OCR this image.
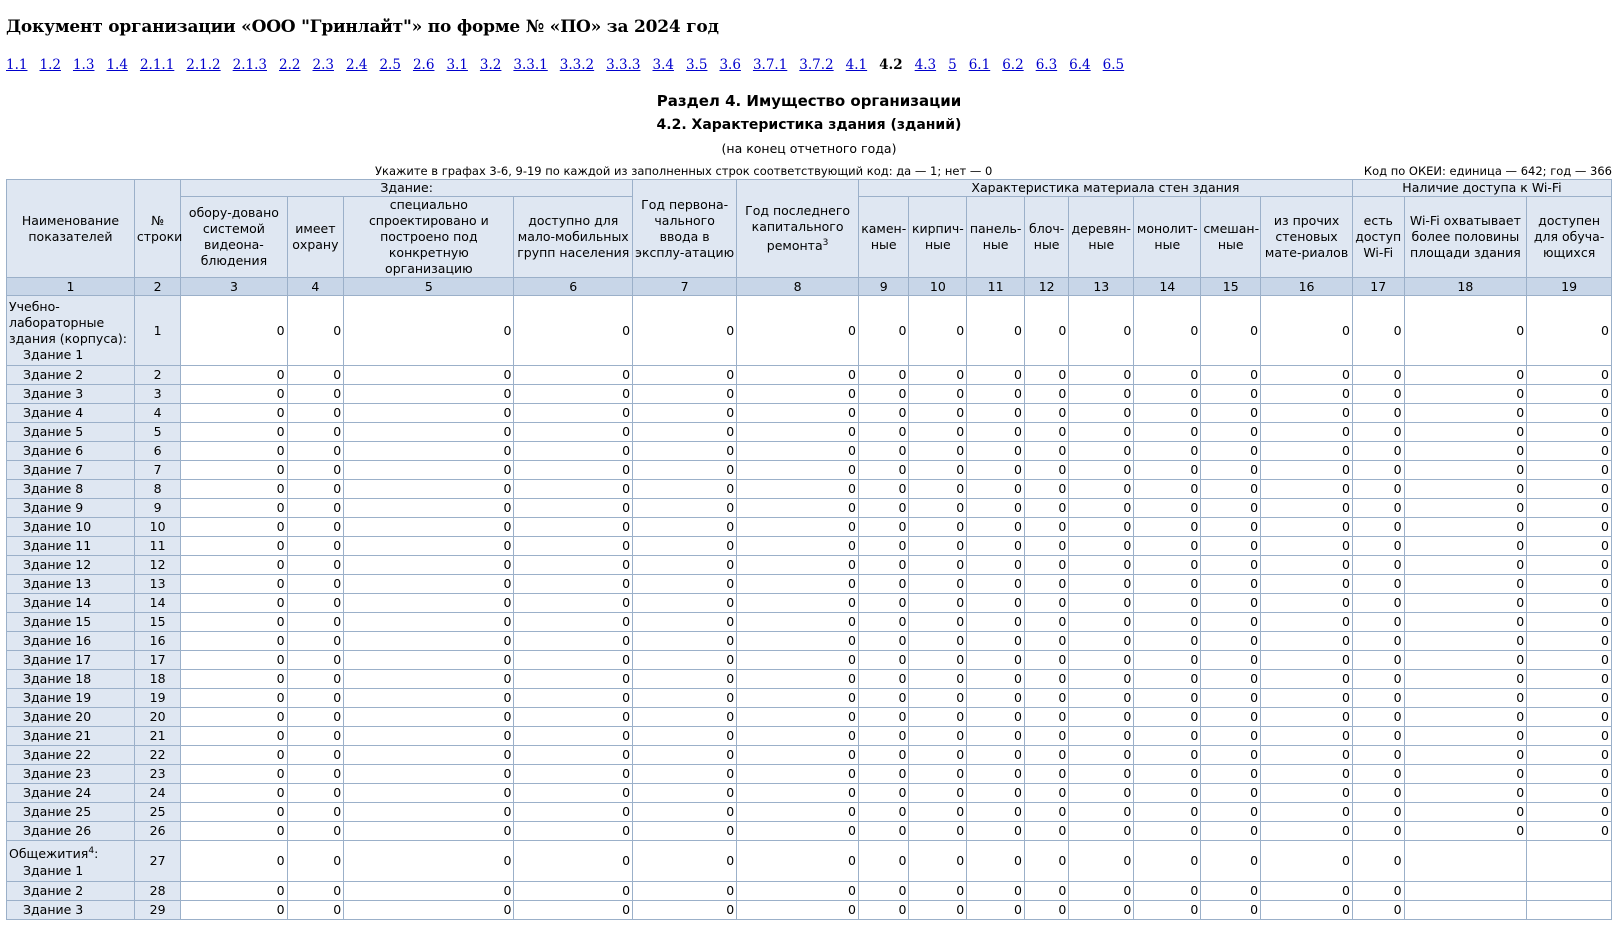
Документ организации «ООО "Гринлайт"» по форме № «ПО» за 2024 год
1.1 1.2 1.3 1.4 2.1.1 2.1.2 2.1.3 2.2 2.3 2.4 2.5 2.6 3.1 3.2 3.3.1 3.3.2 3.3.3 3.4 3.5 3.6 3.7.1 3.7.2 4.1 4.2 4.3 5 6.1 6.2 6.3 6.4 6.5
Раздел 4. Имущество организации
4.2. Характеристика здания (зданий)
(на конец отчетного года)
Укажите в графах 3-6, 9-19 по каждой из заполненных строк соответствующий код: да — 1; нет — 0	Код по ОКЕИ: единица — 642; год — 366
Наименование показателей	№ строки	Здание:				Год первона-чального ввода в эксплу-атацию	Год последнего капитального ремонта$^3$	Характеристика материала стен здания								Наличие доступа к Wi-Fi		
		обору-довано системой видеона-блюдения	имеет охрану	специально спроектировано и построено под конкретную организацию	доступно для мало-мобильных групп населения			камен-ные	кирпич-ные	панель-ные	блоч-ные	деревян-ные	монолит-ные	смешан-ные	из прочих стеновых мате-риалов	есть доступ Wi-Fi	Wi-Fi охватывает более половины площади здания	доступен для обуча-ющихся
1	2	3	4	5	6	7	8	9	10	11	12	13	14	15	16	17	18	19
Учебно-лабораторные здания (корпуса):
Здание 1	1	0	0	0	0	0	0	0	0	0	0	0	0	0	0	0	0	0
Здание 2	2	0	0	0	0	0	0	0	0	0	0	0	0	0	0	0	0	0
Здание 3	3	0	0	0	0	0	0	0	0	0	0	0	0	0	0	0	0	0
Здание 4	4	0	0	0	0	0	0	0	0	0	0	0	0	0	0	0	0	0
Здание 5	5	0	0	0	0	0	0	0	0	0	0	0	0	0	0	0	0	0
Здание 6	6	0	0	0	0	0	0	0	0	0	0	0	0	0	0	0	0	0
Здание 7	7	0	0	0	0	0	0	0	0	0	0	0	0	0	0	0	0	0
Здание 8	8	0	0	0	0	0	0	0	0	0	0	0	0	0	0	0	0	0
Здание 9	9	0	0	0	0	0	0	0	0	0	0	0	0	0	0	0	0	0
Здание 10	10	0	0	0	0	0	0	0	0	0	0	0	0	0	0	0	0	0
Здание 11	11	0	0	0	0	0	0	0	0	0	0	0	0	0	0	0	0	0
Здание 12	12	0	0	0	0	0	0	0	0	0	0	0	0	0	0	0	0	0
Здание 13	13	0	0	0	0	0	0	0	0	0	0	0	0	0	0	0	0	0
Здание 14	14	0	0	0	0	0	0	0	0	0	0	0	0	0	0	0	0	0
Здание 15	15	0	0	0	0	0	0	0	0	0	0	0	0	0	0	0	0	0
Здание 16	16	0	0	0	0	0	0	0	0	0	0	0	0	0	0	0	0	0
Здание 17	17	0	0	0	0	0	0	0	0	0	0	0	0	0	0	0	0	0
Здание 18	18	0	0	0	0	0	0	0	0	0	0	0	0	0	0	0	0	0
Здание 19	19	0	0	0	0	0	0	0	0	0	0	0	0	0	0	0	0	0
Здание 20	20	0	0	0	0	0	0	0	0	0	0	0	0	0	0	0	0	0
Здание 21	21	0	0	0	0	0	0	0	0	0	0	0	0	0	0	0	0	0
Здание 22	22	0	0	0	0	0	0	0	0	0	0	0	0	0	0	0	0	0
Здание 23	23	0	0	0	0	0	0	0	0	0	0	0	0	0	0	0	0	0
Здание 24	24	0	0	0	0	0	0	0	0	0	0	0	0	0	0	0	0	0
Здание 25	25	0	0	0	0	0	0	0	0	0	0	0	0	0	0	0	0	0
Здание 26	26	0	0	0	0	0	0	0	0	0	0	0	0	0	0	0	0	0
Общежития$^4$:
Здание 1	27	0	0	0	0	0	0	0	0	0	0	0	0	0	0	0		
Здание 2	28	0	0	0	0	0	0	0	0	0	0	0	0	0	0	0		
Здание 3	29	0	0	0	0	0	0	0	0	0	0	0	0	0	0	0		
